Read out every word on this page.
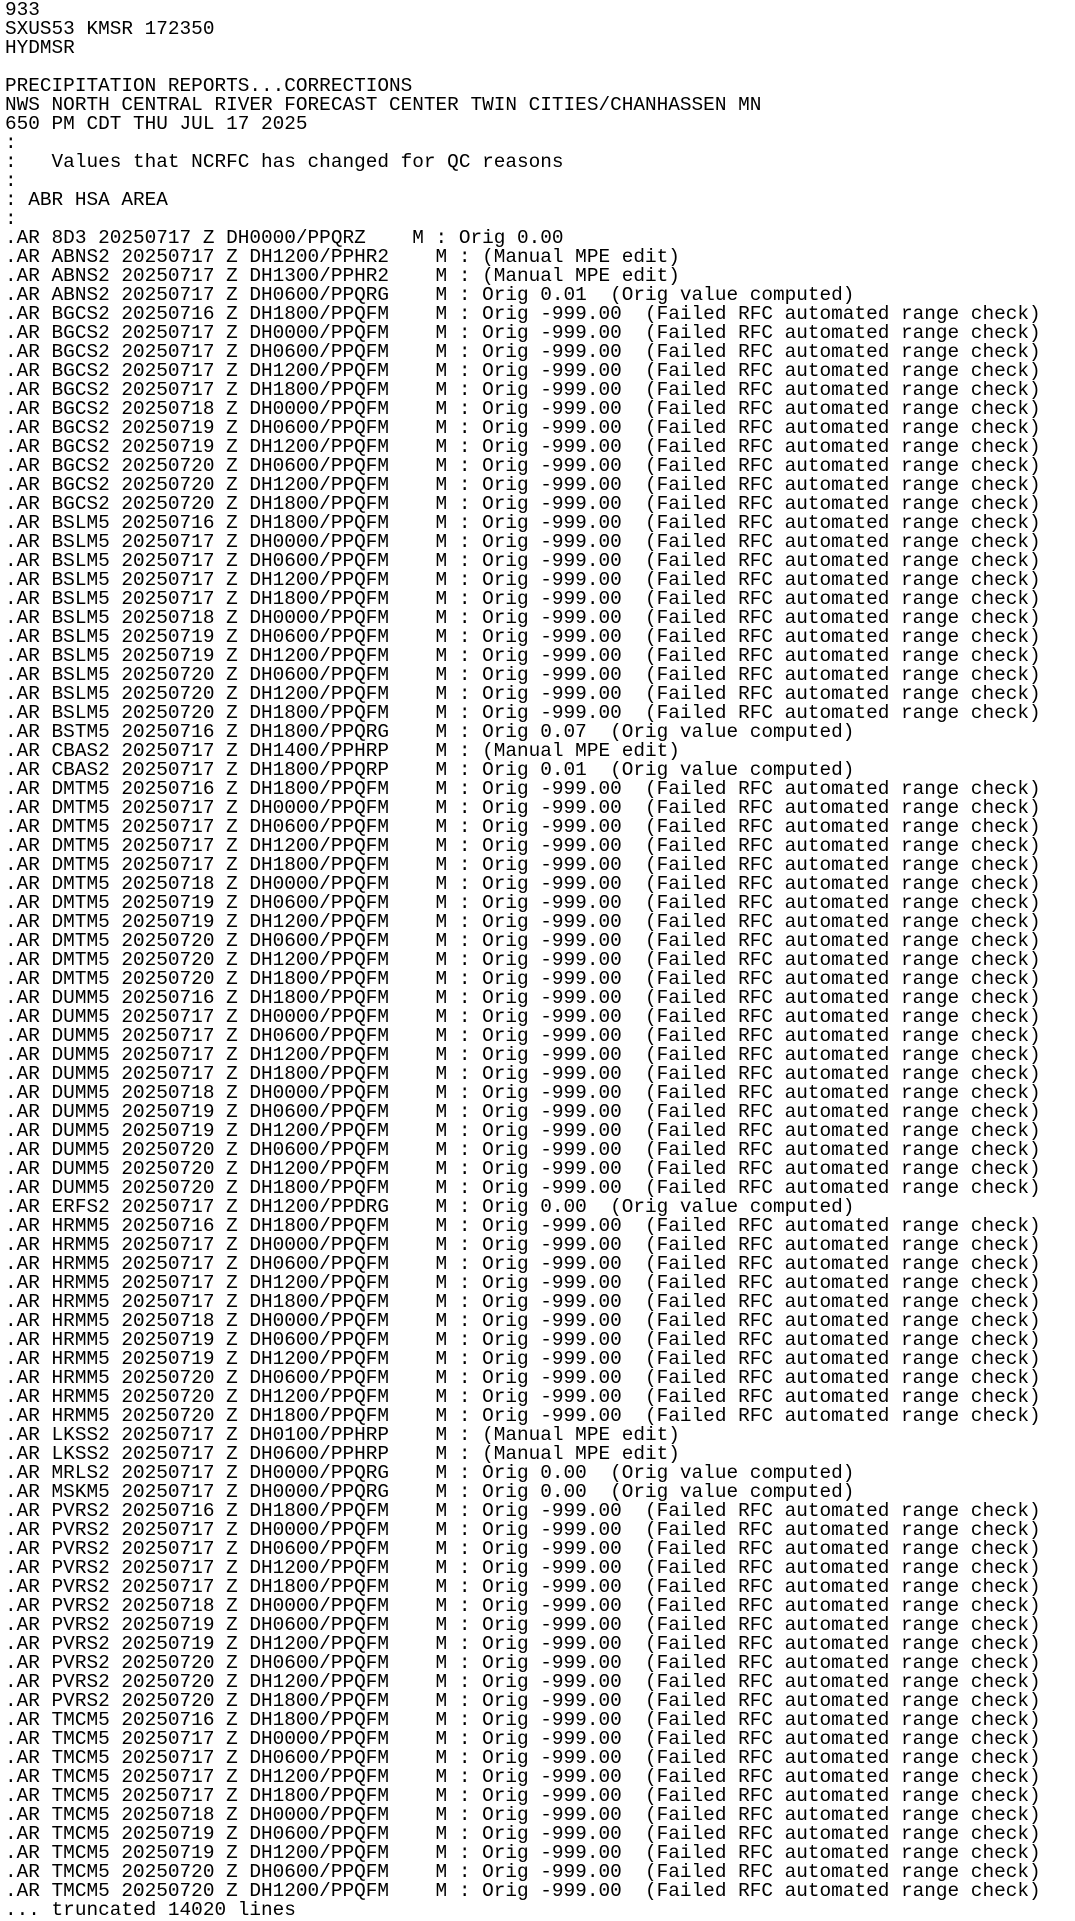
933
SXUS53 KMSR 172350
HYDMSR
PRECIPITATION REPORTS...CORRECTIONS
NWS NORTH CENTRAL RIVER FORECAST CENTER TWIN CITIES/CHANHASSEN MN
650 PM CDT THU JUL 17 2025
:
:   Values that NCRFC has changed for QC reasons
:
: ABR HSA AREA
:
.AR 8D3 20250717 Z DH0000/PPQRZ    M : Orig 0.00
.AR ABNS2 20250717 Z DH1200/PPHR2    M : (Manual MPE edit)
.AR ABNS2 20250717 Z DH1300/PPHR2    M : (Manual MPE edit)
.AR ABNS2 20250717 Z DH0600/PPQRG    M : Orig 0.01  (Orig value computed)
.AR BGCS2 20250716 Z DH1800/PPQFM    M : Orig -999.00  (Failed RFC automated range check)
.AR BGCS2 20250717 Z DH0000/PPQFM    M : Orig -999.00  (Failed RFC automated range check)
.AR BGCS2 20250717 Z DH0600/PPQFM    M : Orig -999.00  (Failed RFC automated range check)
.AR BGCS2 20250717 Z DH1200/PPQFM    M : Orig -999.00  (Failed RFC automated range check)
.AR BGCS2 20250717 Z DH1800/PPQFM    M : Orig -999.00  (Failed RFC automated range check)
.AR BGCS2 20250718 Z DH0000/PPQFM    M : Orig -999.00  (Failed RFC automated range check)
.AR BGCS2 20250719 Z DH0600/PPQFM    M : Orig -999.00  (Failed RFC automated range check)
.AR BGCS2 20250719 Z DH1200/PPQFM    M : Orig -999.00  (Failed RFC automated range check)
.AR BGCS2 20250720 Z DH0600/PPQFM    M : Orig -999.00  (Failed RFC automated range check)
.AR BGCS2 20250720 Z DH1200/PPQFM    M : Orig -999.00  (Failed RFC automated range check)
.AR BGCS2 20250720 Z DH1800/PPQFM    M : Orig -999.00  (Failed RFC automated range check)
.AR BSLM5 20250716 Z DH1800/PPQFM    M : Orig -999.00  (Failed RFC automated range check)
.AR BSLM5 20250717 Z DH0000/PPQFM    M : Orig -999.00  (Failed RFC automated range check)
.AR BSLM5 20250717 Z DH0600/PPQFM    M : Orig -999.00  (Failed RFC automated range check)
.AR BSLM5 20250717 Z DH1200/PPQFM    M : Orig -999.00  (Failed RFC automated range check)
.AR BSLM5 20250717 Z DH1800/PPQFM    M : Orig -999.00  (Failed RFC automated range check)
.AR BSLM5 20250718 Z DH0000/PPQFM    M : Orig -999.00  (Failed RFC automated range check)
.AR BSLM5 20250719 Z DH0600/PPQFM    M : Orig -999.00  (Failed RFC automated range check)
.AR BSLM5 20250719 Z DH1200/PPQFM    M : Orig -999.00  (Failed RFC automated range check)
.AR BSLM5 20250720 Z DH0600/PPQFM    M : Orig -999.00  (Failed RFC automated range check)
.AR BSLM5 20250720 Z DH1200/PPQFM    M : Orig -999.00  (Failed RFC automated range check)
.AR BSLM5 20250720 Z DH1800/PPQFM    M : Orig -999.00  (Failed RFC automated range check)
.AR BSTM5 20250716 Z DH1800/PPQRG    M : Orig 0.07  (Orig value computed)
.AR CBAS2 20250717 Z DH1400/PPHRP    M : (Manual MPE edit)
.AR CBAS2 20250717 Z DH1800/PPQRP    M : Orig 0.01  (Orig value computed)
.AR DMTM5 20250716 Z DH1800/PPQFM    M : Orig -999.00  (Failed RFC automated range check)
.AR DMTM5 20250717 Z DH0000/PPQFM    M : Orig -999.00  (Failed RFC automated range check)
.AR DMTM5 20250717 Z DH0600/PPQFM    M : Orig -999.00  (Failed RFC automated range check)
.AR DMTM5 20250717 Z DH1200/PPQFM    M : Orig -999.00  (Failed RFC automated range check)
.AR DMTM5 20250717 Z DH1800/PPQFM    M : Orig -999.00  (Failed RFC automated range check)
.AR DMTM5 20250718 Z DH0000/PPQFM    M : Orig -999.00  (Failed RFC automated range check)
.AR DMTM5 20250719 Z DH0600/PPQFM    M : Orig -999.00  (Failed RFC automated range check)
.AR DMTM5 20250719 Z DH1200/PPQFM    M : Orig -999.00  (Failed RFC automated range check)
.AR DMTM5 20250720 Z DH0600/PPQFM    M : Orig -999.00  (Failed RFC automated range check)
.AR DMTM5 20250720 Z DH1200/PPQFM    M : Orig -999.00  (Failed RFC automated range check)
.AR DMTM5 20250720 Z DH1800/PPQFM    M : Orig -999.00  (Failed RFC automated range check)
.AR DUMM5 20250716 Z DH1800/PPQFM    M : Orig -999.00  (Failed RFC automated range check)
.AR DUMM5 20250717 Z DH0000/PPQFM    M : Orig -999.00  (Failed RFC automated range check)
.AR DUMM5 20250717 Z DH0600/PPQFM    M : Orig -999.00  (Failed RFC automated range check)
.AR DUMM5 20250717 Z DH1200/PPQFM    M : Orig -999.00  (Failed RFC automated range check)
.AR DUMM5 20250717 Z DH1800/PPQFM    M : Orig -999.00  (Failed RFC automated range check)
.AR DUMM5 20250718 Z DH0000/PPQFM    M : Orig -999.00  (Failed RFC automated range check)
.AR DUMM5 20250719 Z DH0600/PPQFM    M : Orig -999.00  (Failed RFC automated range check)
.AR DUMM5 20250719 Z DH1200/PPQFM    M : Orig -999.00  (Failed RFC automated range check)
.AR DUMM5 20250720 Z DH0600/PPQFM    M : Orig -999.00  (Failed RFC automated range check)
.AR DUMM5 20250720 Z DH1200/PPQFM    M : Orig -999.00  (Failed RFC automated range check)
.AR DUMM5 20250720 Z DH1800/PPQFM    M : Orig -999.00  (Failed RFC automated range check)
.AR ERFS2 20250717 Z DH1200/PPDRG    M : Orig 0.00  (Orig value computed)
.AR HRMM5 20250716 Z DH1800/PPQFM    M : Orig -999.00  (Failed RFC automated range check)
.AR HRMM5 20250717 Z DH0000/PPQFM    M : Orig -999.00  (Failed RFC automated range check)
.AR HRMM5 20250717 Z DH0600/PPQFM    M : Orig -999.00  (Failed RFC automated range check)
.AR HRMM5 20250717 Z DH1200/PPQFM    M : Orig -999.00  (Failed RFC automated range check)
.AR HRMM5 20250717 Z DH1800/PPQFM    M : Orig -999.00  (Failed RFC automated range check)
.AR HRMM5 20250718 Z DH0000/PPQFM    M : Orig -999.00  (Failed RFC automated range check)
.AR HRMM5 20250719 Z DH0600/PPQFM    M : Orig -999.00  (Failed RFC automated range check)
.AR HRMM5 20250719 Z DH1200/PPQFM    M : Orig -999.00  (Failed RFC automated range check)
.AR HRMM5 20250720 Z DH0600/PPQFM    M : Orig -999.00  (Failed RFC automated range check)
.AR HRMM5 20250720 Z DH1200/PPQFM    M : Orig -999.00  (Failed RFC automated range check)
.AR HRMM5 20250720 Z DH1800/PPQFM    M : Orig -999.00  (Failed RFC automated range check)
.AR LKSS2 20250717 Z DH0100/PPHRP    M : (Manual MPE edit)
.AR LKSS2 20250717 Z DH0600/PPHRP    M : (Manual MPE edit)
.AR MRLS2 20250717 Z DH0000/PPQRG    M : Orig 0.00  (Orig value computed)
.AR MSKM5 20250717 Z DH0000/PPQRG    M : Orig 0.00  (Orig value computed)
.AR PVRS2 20250716 Z DH1800/PPQFM    M : Orig -999.00  (Failed RFC automated range check)
.AR PVRS2 20250717 Z DH0000/PPQFM    M : Orig -999.00  (Failed RFC automated range check)
.AR PVRS2 20250717 Z DH0600/PPQFM    M : Orig -999.00  (Failed RFC automated range check)
.AR PVRS2 20250717 Z DH1200/PPQFM    M : Orig -999.00  (Failed RFC automated range check)
.AR PVRS2 20250717 Z DH1800/PPQFM    M : Orig -999.00  (Failed RFC automated range check)
.AR PVRS2 20250718 Z DH0000/PPQFM    M : Orig -999.00  (Failed RFC automated range check)
.AR PVRS2 20250719 Z DH0600/PPQFM    M : Orig -999.00  (Failed RFC automated range check)
.AR PVRS2 20250719 Z DH1200/PPQFM    M : Orig -999.00  (Failed RFC automated range check)
.AR PVRS2 20250720 Z DH0600/PPQFM    M : Orig -999.00  (Failed RFC automated range check)
.AR PVRS2 20250720 Z DH1200/PPQFM    M : Orig -999.00  (Failed RFC automated range check)
.AR PVRS2 20250720 Z DH1800/PPQFM    M : Orig -999.00  (Failed RFC automated range check)
.AR TMCM5 20250716 Z DH1800/PPQFM    M : Orig -999.00  (Failed RFC automated range check)
.AR TMCM5 20250717 Z DH0000/PPQFM    M : Orig -999.00  (Failed RFC automated range check)
.AR TMCM5 20250717 Z DH0600/PPQFM    M : Orig -999.00  (Failed RFC automated range check)
.AR TMCM5 20250717 Z DH1200/PPQFM    M : Orig -999.00  (Failed RFC automated range check)
.AR TMCM5 20250717 Z DH1800/PPQFM    M : Orig -999.00  (Failed RFC automated range check)
.AR TMCM5 20250718 Z DH0000/PPQFM    M : Orig -999.00  (Failed RFC automated range check)
.AR TMCM5 20250719 Z DH0600/PPQFM    M : Orig -999.00  (Failed RFC automated range check)
.AR TMCM5 20250719 Z DH1200/PPQFM    M : Orig -999.00  (Failed RFC automated range check)
.AR TMCM5 20250720 Z DH0600/PPQFM    M : Orig -999.00  (Failed RFC automated range check)
.AR TMCM5 20250720 Z DH1200/PPQFM    M : Orig -999.00  (Failed RFC automated range check)
... truncated 14020 lines
